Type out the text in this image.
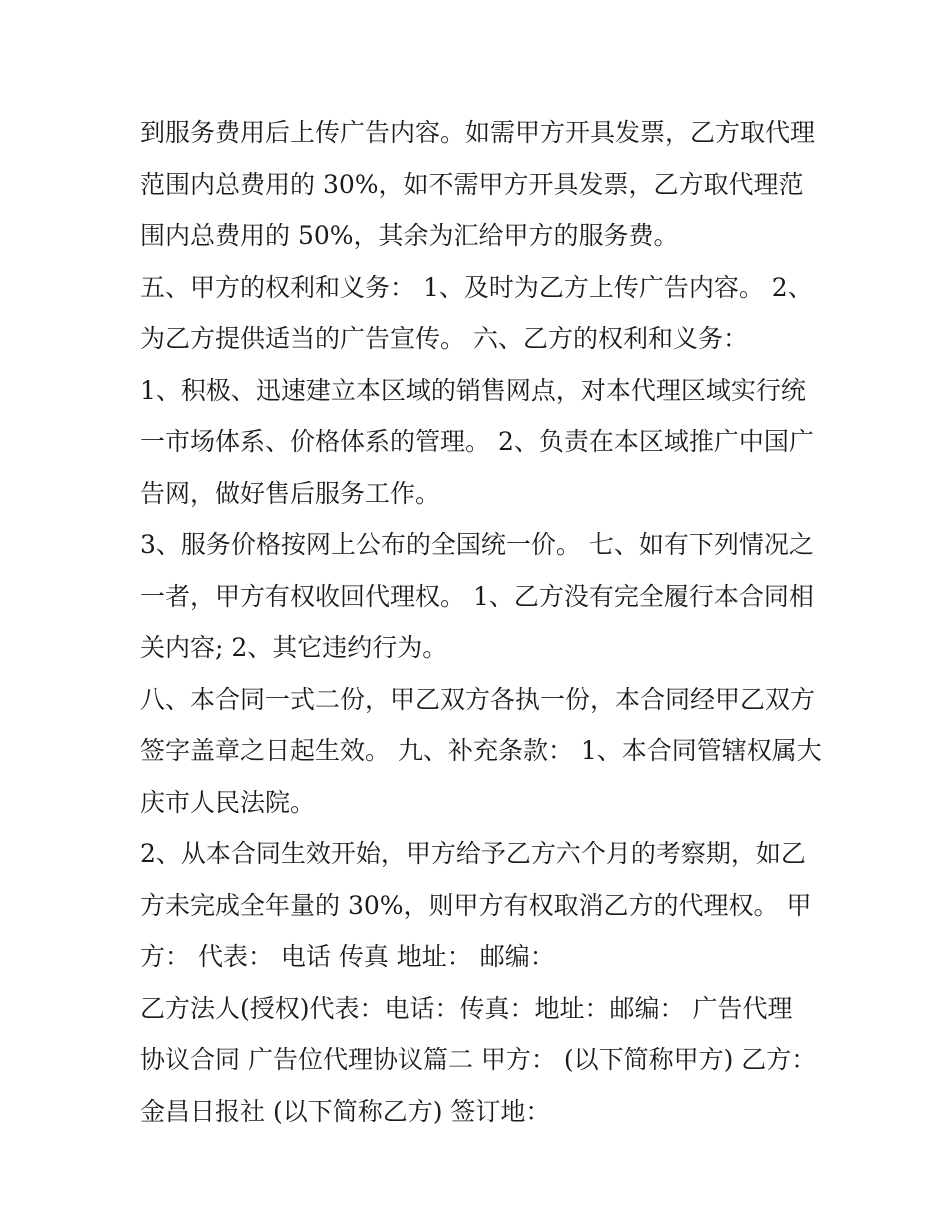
到服务费用后上传广告内容。如需甲方开具发票，乙方取代理
范围内总费用的 30%，如不需甲方开具发票，乙方取代理范
围内总费用的 50%，其余为汇给甲方的服务费。
五、甲方的权利和义务： 1、及时为乙方上传广告内容。 2、
为乙方提供适当的广告宣传。 六、乙方的权利和义务：
1、积极、迅速建立本区域的销售网点，对本代理区域实行统
一市场体系、价格体系的管理。 2、负责在本区域推广中国广
告网，做好售后服务工作。
3、服务价格按网上公布的全国统一价。 七、如有下列情况之
一者，甲方有权收回代理权。 1、乙方没有完全履行本合同相
关内容; 2、其它违约行为。
八、本合同一式二份，甲乙双方各执一份，本合同经甲乙双方
签字盖章之日起生效。 九、补充条款： 1、本合同管辖权属大
庆市人民法院。
2、从本合同生效开始，甲方给予乙方六个月的考察期，如乙
方未完成全年量的 30%，则甲方有权取消乙方的代理权。 甲
方： 代表： 电话 传真 地址： 邮编：
乙方法人(授权)代表：电话：传真：地址：邮编： 广告代理
协议合同 广告位代理协议篇二 甲方： (以下简称甲方) 乙方：
金昌日报社 (以下简称乙方) 签订地：
